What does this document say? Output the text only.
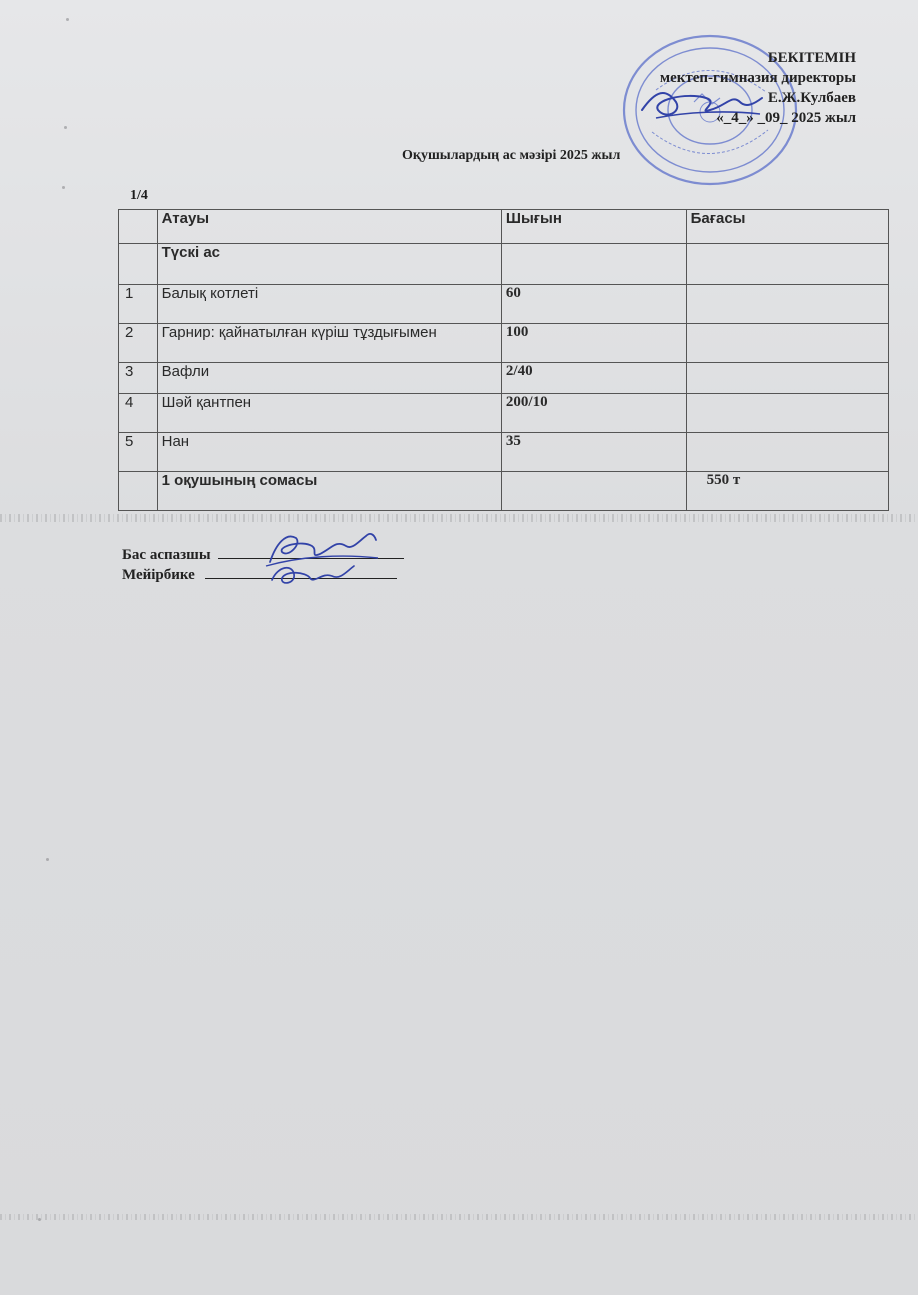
БЕКІТЕМІН
мектеп-гимназия директоры
Е.Ж.Кулбаев
«_4_» _09_ 2025 жыл
Оқушылардың ас мәзірі 2025 жыл
1/4
	Атауы	Шығын	Бағасы
	Түскі ас		
1	Балық котлеті	60	
2	Гарнир: қайнатылған күріш тұздығымен	100	
3	Вафли	2/40	
4	Шәй қантпен	200/10	
5	Нан	35	
	1 оқушының сомасы		550 т
Бас аспазшы
Мейірбике
